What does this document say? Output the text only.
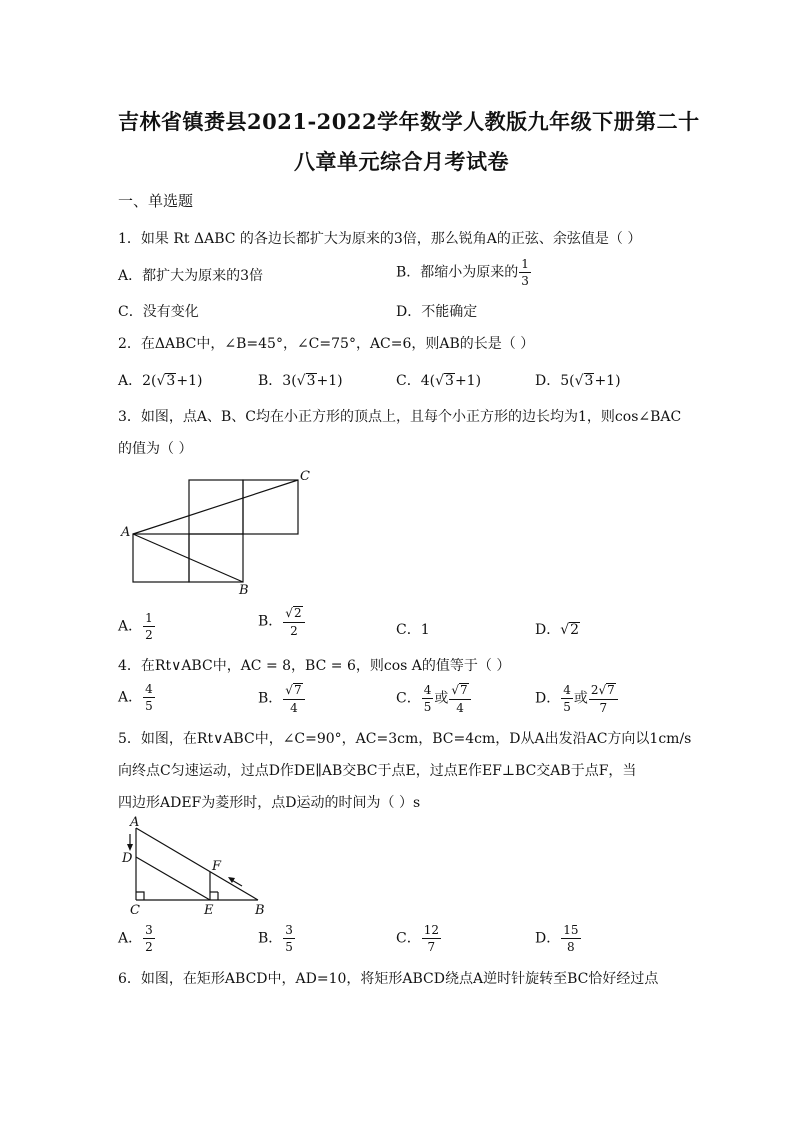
吉林省镇赉县2021-2022学年数学人教版九年级下册第二十
八章单元综合月考试卷
一、单选题
1．如果 Rt ΔABC 的各边长都扩大为原来的3倍，那么锐角A的正弦、余弦值是（ ）
A．都扩大为原来的3倍	B．都缩小为原来的 $\frac{1}{3}$
C．没有变化	D．不能确定
2．在ΔABC中，∠B=45°，∠C=75°，AC=6，则AB的长是（ ）
A．2(√3+1)	B．3(√3+1)	C．4(√3+1)	D．5(√3+1)
3．如图，点A、B、C均在小正方形的顶点上，且每个小正方形的边长均为1，则cos∠BAC
的值为（ ）
A
B
C
A． $\frac{1}{2}$	B． $\frac{√2}{2}$	C．1	D．√2
4．在Rt∨ABC中，AC = 8，BC = 6，则cos A的值等于（ ）
A． $\frac{4}{5}$	B． $\frac{√7}{4}$	C． $\frac{4}{5}$ 或 $\frac{√7}{4}$	D． $\frac{4}{5}$ 或 $\frac{2√7}{7}$
5．如图，在Rt∨ABC中，∠C=90°，AC=3cm，BC=4cm，D从A出发沿AC方向以1cm/s
向终点C匀速运动，过点D作DE∥AB交BC于点E，过点E作EF⊥BC交AB于点F，当
四边形ADEF为菱形时，点D运动的时间为（ ）s
A
D
C	E
F
B
A． $\frac{3}{2}$	B． $\frac{3}{5}$	C． $\frac{12}{7}$	D． $\frac{15}{8}$
6．如图，在矩形ABCD中，AD=10，将矩形ABCD绕点A逆时针旋转至BC恰好经过点
